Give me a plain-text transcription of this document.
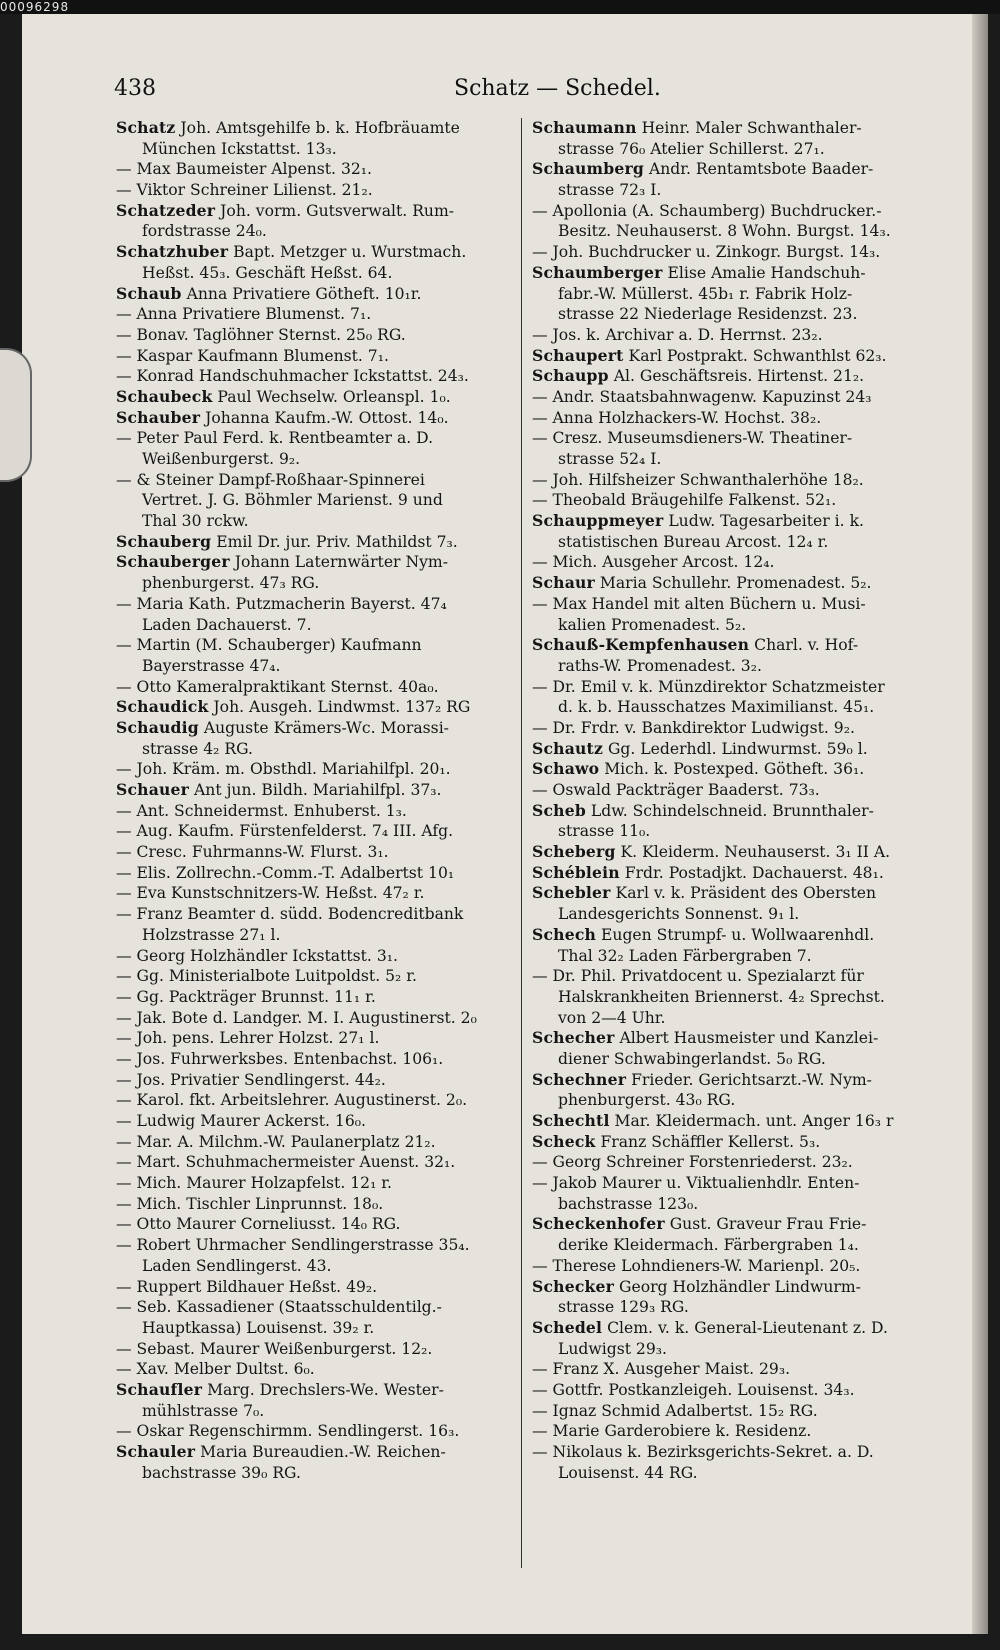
00096298
438	Schatz — Schedel.
Schatz Joh. Amtsgehilfe b. k. Hofbräuamte
München Ickstattst. 13₃.
— Max Baumeister Alpenst. 32₁.
— Viktor Schreiner Lilienst. 21₂.
Schatzeder Joh. vorm. Gutsverwalt. Rum-
fordstrasse 24₀.
Schatzhuber Bapt. Metzger u. Wurstmach.
Heßst. 45₃. Geschäft Heßst. 64.
Schaub Anna Privatiere Götheft. 10₁r.
— Anna Privatiere Blumenst. 7₁.
— Bonav. Taglöhner Sternst. 25₀ RG.
— Kaspar Kaufmann Blumenst. 7₁.
— Konrad Handschuhmacher Ickstattst. 24₃.
Schaubeck Paul Wechselw. Orleanspl. 1₀.
Schauber Johanna Kaufm.-W. Ottost. 14₀.
— Peter Paul Ferd. k. Rentbeamter a. D.
Weißenburgerst. 9₂.
— & Steiner Dampf-Roßhaar-Spinnerei
Vertret. J. G. Böhmler Marienst. 9 und
Thal 30 rckw.
Schauberg Emil Dr. jur. Priv. Mathildst 7₃.
Schauberger Johann Laternwärter Nym-
phenburgerst. 47₃ RG.
— Maria Kath. Putzmacherin Bayerst. 47₄
Laden Dachauerst. 7.
— Martin (M. Schauberger) Kaufmann
Bayerstrasse 47₄.
— Otto Kameralpraktikant Sternst. 40a₀.
Schaudick Joh. Ausgeh. Lindwmst. 137₂ RG
Schaudig Auguste Krämers-Wc. Morassi-
strasse 4₂ RG.
— Joh. Kräm. m. Obsthdl. Mariahilfpl. 20₁.
Schauer Ant jun. Bildh. Mariahilfpl. 37₃.
— Ant. Schneidermst. Enhuberst. 1₃.
— Aug. Kaufm. Fürstenfelderst. 7₄ III. Afg.
— Cresc. Fuhrmanns-W. Flurst. 3₁.
— Elis. Zollrechn.-Comm.-T. Adalbertst 10₁
— Eva Kunstschnitzers-W. Heßst. 47₂ r.
— Franz Beamter d. südd. Bodencreditbank
Holzstrasse 27₁ l.
— Georg Holzhändler Ickstattst. 3₁.
— Gg. Ministerialbote Luitpoldst. 5₂ r.
— Gg. Packträger Brunnst. 11₁ r.
— Jak. Bote d. Landger. M. I. Augustinerst. 2₀
— Joh. pens. Lehrer Holzst. 27₁ l.
— Jos. Fuhrwerksbes. Entenbachst. 106₁.
— Jos. Privatier Sendlingerst. 44₂.
— Karol. fkt. Arbeitslehrer. Augustinerst. 2₀.
— Ludwig Maurer Ackerst. 16₀.
— Mar. A. Milchm.-W. Paulanerplatz 21₂.
— Mart. Schuhmachermeister Auenst. 32₁.
— Mich. Maurer Holzapfelst. 12₁ r.
— Mich. Tischler Linprunnst. 18₀.
— Otto Maurer Corneliusst. 14₀ RG.
— Robert Uhrmacher Sendlingerstrasse 35₄.
Laden Sendlingerst. 43.
— Ruppert Bildhauer Heßst. 49₂.
— Seb. Kassadiener (Staatsschuldentilg.-
Hauptkassa) Louisenst. 39₂ r.
— Sebast. Maurer Weißenburgerst. 12₂.
— Xav. Melber Dultst. 6₀.
Schaufler Marg. Drechslers-We. Wester-
mühlstrasse 7₀.
— Oskar Regenschirmm. Sendlingerst. 16₃.
Schauler Maria Bureaudien.-W. Reichen-
bachstrasse 39₀ RG.
Schaumann Heinr. Maler Schwanthaler-
strasse 76₀ Atelier Schillerst. 27₁.
Schaumberg Andr. Rentamtsbote Baader-
strasse 72₃ I.
— Apollonia (A. Schaumberg) Buchdrucker.-
Besitz. Neuhauserst. 8 Wohn. Burgst. 14₃.
— Joh. Buchdrucker u. Zinkogr. Burgst. 14₃.
Schaumberger Elise Amalie Handschuh-
fabr.-W. Müllerst. 45b₁ r. Fabrik Holz-
strasse 22 Niederlage Residenzst. 23.
— Jos. k. Archivar a. D. Herrnst. 23₂.
Schaupert Karl Postprakt. Schwanthlst 62₃.
Schaupp Al. Geschäftsreis. Hirtenst. 21₂.
— Andr. Staatsbahnwagenw. Kapuzinst 24₃
— Anna Holzhackers-W. Hochst. 38₂.
— Cresz. Museumsdieners-W. Theatiner-
strasse 52₄ I.
— Joh. Hilfsheizer Schwanthalerhöhe 18₂.
— Theobald Bräugehilfe Falkenst. 52₁.
Schauppmeyer Ludw. Tagesarbeiter i. k.
statistischen Bureau Arcost. 12₄ r.
— Mich. Ausgeher Arcost. 12₄.
Schaur Maria Schullehr. Promenadest. 5₂.
— Max Handel mit alten Büchern u. Musi-
kalien Promenadest. 5₂.
Schauß-Kempfenhausen Charl. v. Hof-
raths-W. Promenadest. 3₂.
— Dr. Emil v. k. Münzdirektor Schatzmeister
d. k. b. Hausschatzes Maximilianst. 45₁.
— Dr. Frdr. v. Bankdirektor Ludwigst. 9₂.
Schautz Gg. Lederhdl. Lindwurmst. 59₀ l.
Schawo Mich. k. Postexped. Götheft. 36₁.
— Oswald Packträger Baaderst. 73₃.
Scheb Ldw. Schindelschneid. Brunnthaler-
strasse 11₀.
Scheberg K. Kleiderm. Neuhauserst. 3₁ II A.
Schéblein Frdr. Postadjkt. Dachauerst. 48₁.
Schebler Karl v. k. Präsident des Obersten
Landesgerichts Sonnenst. 9₁ l.
Schech Eugen Strumpf- u. Wollwaarenhdl.
Thal 32₂ Laden Färbergraben 7.
— Dr. Phil. Privatdocent u. Spezialarzt für
Halskrankheiten Briennerst. 4₂ Sprechst.
von 2—4 Uhr.
Schecher Albert Hausmeister und Kanzlei-
diener Schwabingerlandst. 5₀ RG.
Schechner Frieder. Gerichtsarzt.-W. Nym-
phenburgerst. 43₀ RG.
Schechtl Mar. Kleidermach. unt. Anger 16₃ r
Scheck Franz Schäffler Kellerst. 5₃.
— Georg Schreiner Forstenriederst. 23₂.
— Jakob Maurer u. Viktualienhdlr. Enten-
bachstrasse 123₀.
Scheckenhofer Gust. Graveur Frau Frie-
derike Kleidermach. Färbergraben 1₄.
— Therese Lohndieners-W. Marienpl. 20₅.
Schecker Georg Holzhändler Lindwurm-
strasse 129₃ RG.
Schedel Clem. v. k. General-Lieutenant z. D.
Ludwigst 29₃.
— Franz X. Ausgeher Maist. 29₃.
— Gottfr. Postkanzleigeh. Louisenst. 34₃.
— Ignaz Schmid Adalbertst. 15₂ RG.
— Marie Garderobiere k. Residenz.
— Nikolaus k. Bezirksgerichts-Sekret. a. D.
Louisenst. 44 RG.
